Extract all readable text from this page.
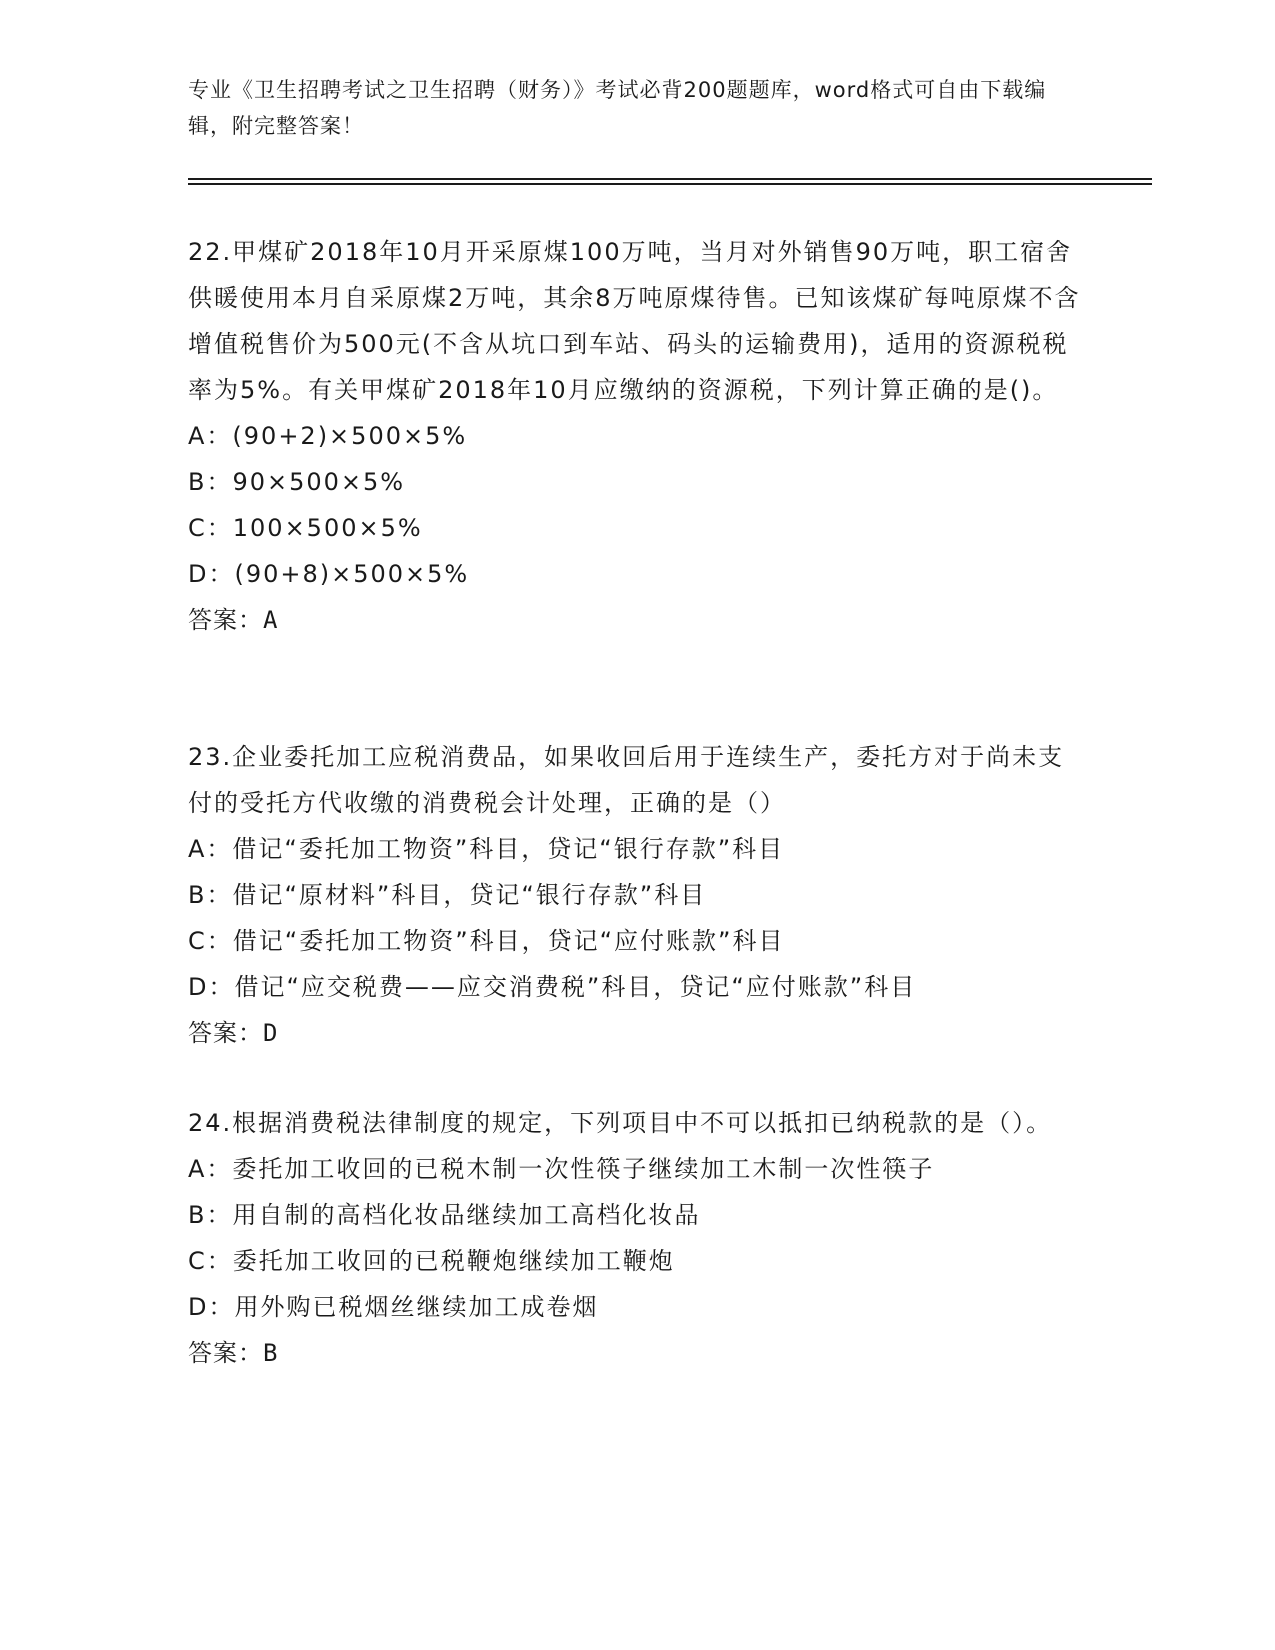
专业《卫生招聘考试之卫生招聘（财务）》考试必背200题题库，word格式可自由下载编辑，附完整答案！

22.甲煤矿2018年10月开采原煤100万吨，当月对外销售90万吨，职工宿舍供暖使用本月自采原煤2万吨，其余8万吨原煤待售。已知该煤矿每吨原煤不含增值税售价为500元(不含从坑口到车站、码头的运输费用)，适用的资源税税率为5%。有关甲煤矿2018年10月应缴纳的资源税，下列计算正确的是()。

A：(90+2)×500×5%

B：90×500×5%

C：100×500×5%

D：(90+8)×500×5%

答案：A

23.企业委托加工应税消费品，如果收回后用于连续生产，委托方对于尚未支付的受托方代收缴的消费税会计处理，正确的是（）

A：借记“委托加工物资”科目，贷记“银行存款”科目

B：借记“原材料”科目，贷记“银行存款”科目

C：借记“委托加工物资”科目，贷记“应付账款”科目

D：借记“应交税费——应交消费税”科目，贷记“应付账款”科目

答案：D

24.根据消费税法律制度的规定，下列项目中不可以抵扣已纳税款的是（）。

A：委托加工收回的已税木制一次性筷子继续加工木制一次性筷子

B：用自制的高档化妆品继续加工高档化妆品

C：委托加工收回的已税鞭炮继续加工鞭炮

D：用外购已税烟丝继续加工成卷烟

答案：B
